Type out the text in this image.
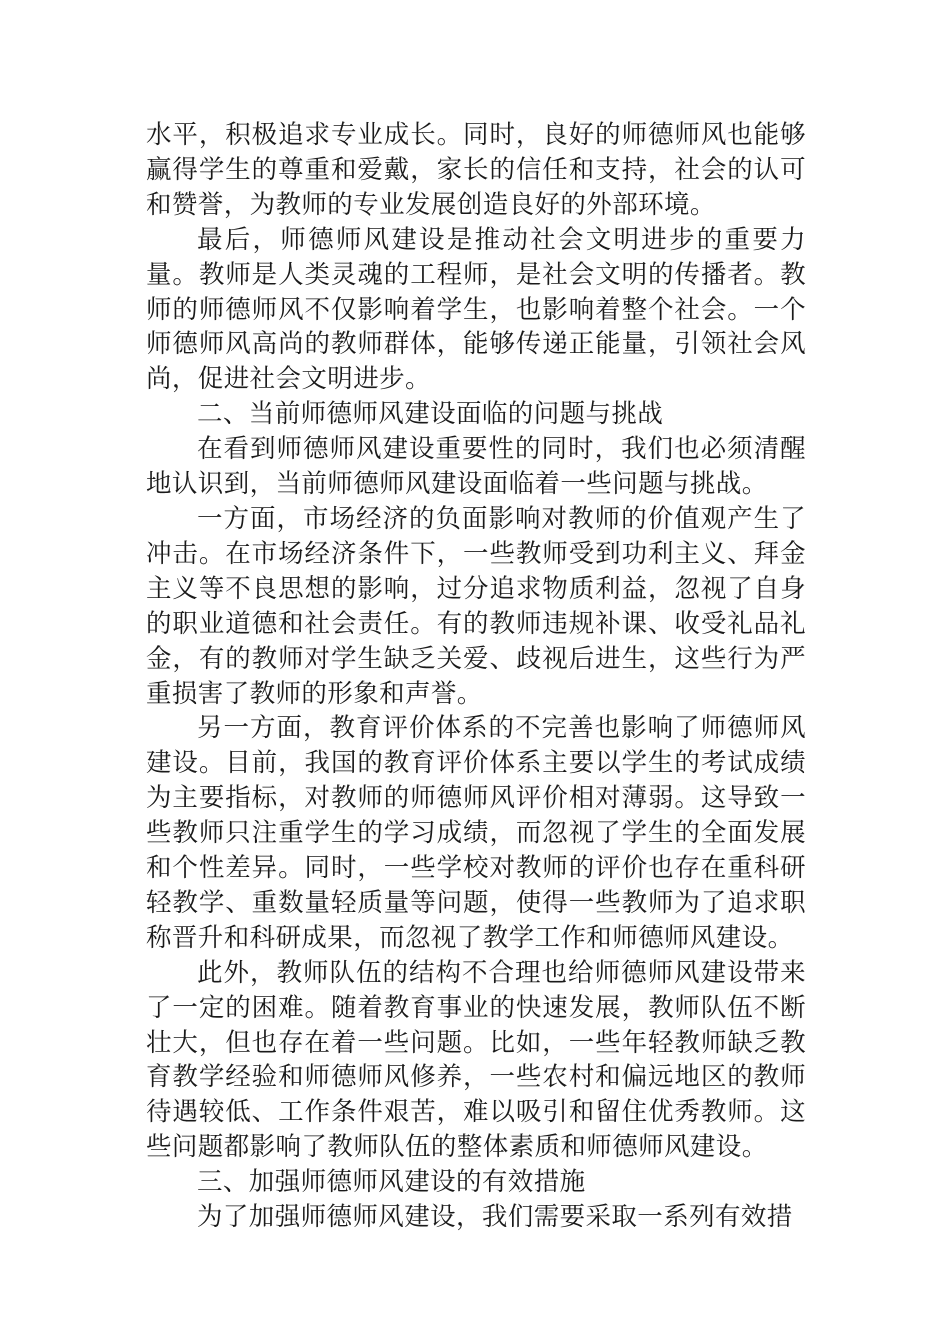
水平，积极追求专业成长。同时，良好的师德师风也能够赢得学生的尊重和爱戴，家长的信任和支持，社会的认可和赞誉，为教师的专业发展创造良好的外部环境。

最后，师德师风建设是推动社会文明进步的重要力量。教师是人类灵魂的工程师，是社会文明的传播者。教师的师德师风不仅影响着学生，也影响着整个社会。一个师德师风高尚的教师群体，能够传递正能量，引领社会风尚，促进社会文明进步。

二、当前师德师风建设面临的问题与挑战

在看到师德师风建设重要性的同时，我们也必须清醒地认识到，当前师德师风建设面临着一些问题与挑战。

一方面，市场经济的负面影响对教师的价值观产生了冲击。在市场经济条件下，一些教师受到功利主义、拜金主义等不良思想的影响，过分追求物质利益，忽视了自身的职业道德和社会责任。有的教师违规补课、收受礼品礼金，有的教师对学生缺乏关爱、歧视后进生，这些行为严重损害了教师的形象和声誉。

另一方面，教育评价体系的不完善也影响了师德师风建设。目前，我国的教育评价体系主要以学生的考试成绩为主要指标，对教师的师德师风评价相对薄弱。这导致一些教师只注重学生的学习成绩，而忽视了学生的全面发展和个性差异。同时，一些学校对教师的评价也存在重科研轻教学、重数量轻质量等问题，使得一些教师为了追求职称晋升和科研成果，而忽视了教学工作和师德师风建设。

此外，教师队伍的结构不合理也给师德师风建设带来了一定的困难。随着教育事业的快速发展，教师队伍不断壮大，但也存在着一些问题。比如，一些年轻教师缺乏教育教学经验和师德师风修养，一些农村和偏远地区的教师待遇较低、工作条件艰苦，难以吸引和留住优秀教师。这些问题都影响了教师队伍的整体素质和师德师风建设。

三、加强师德师风建设的有效措施

为了加强师德师风建设，我们需要采取一系列有效措
